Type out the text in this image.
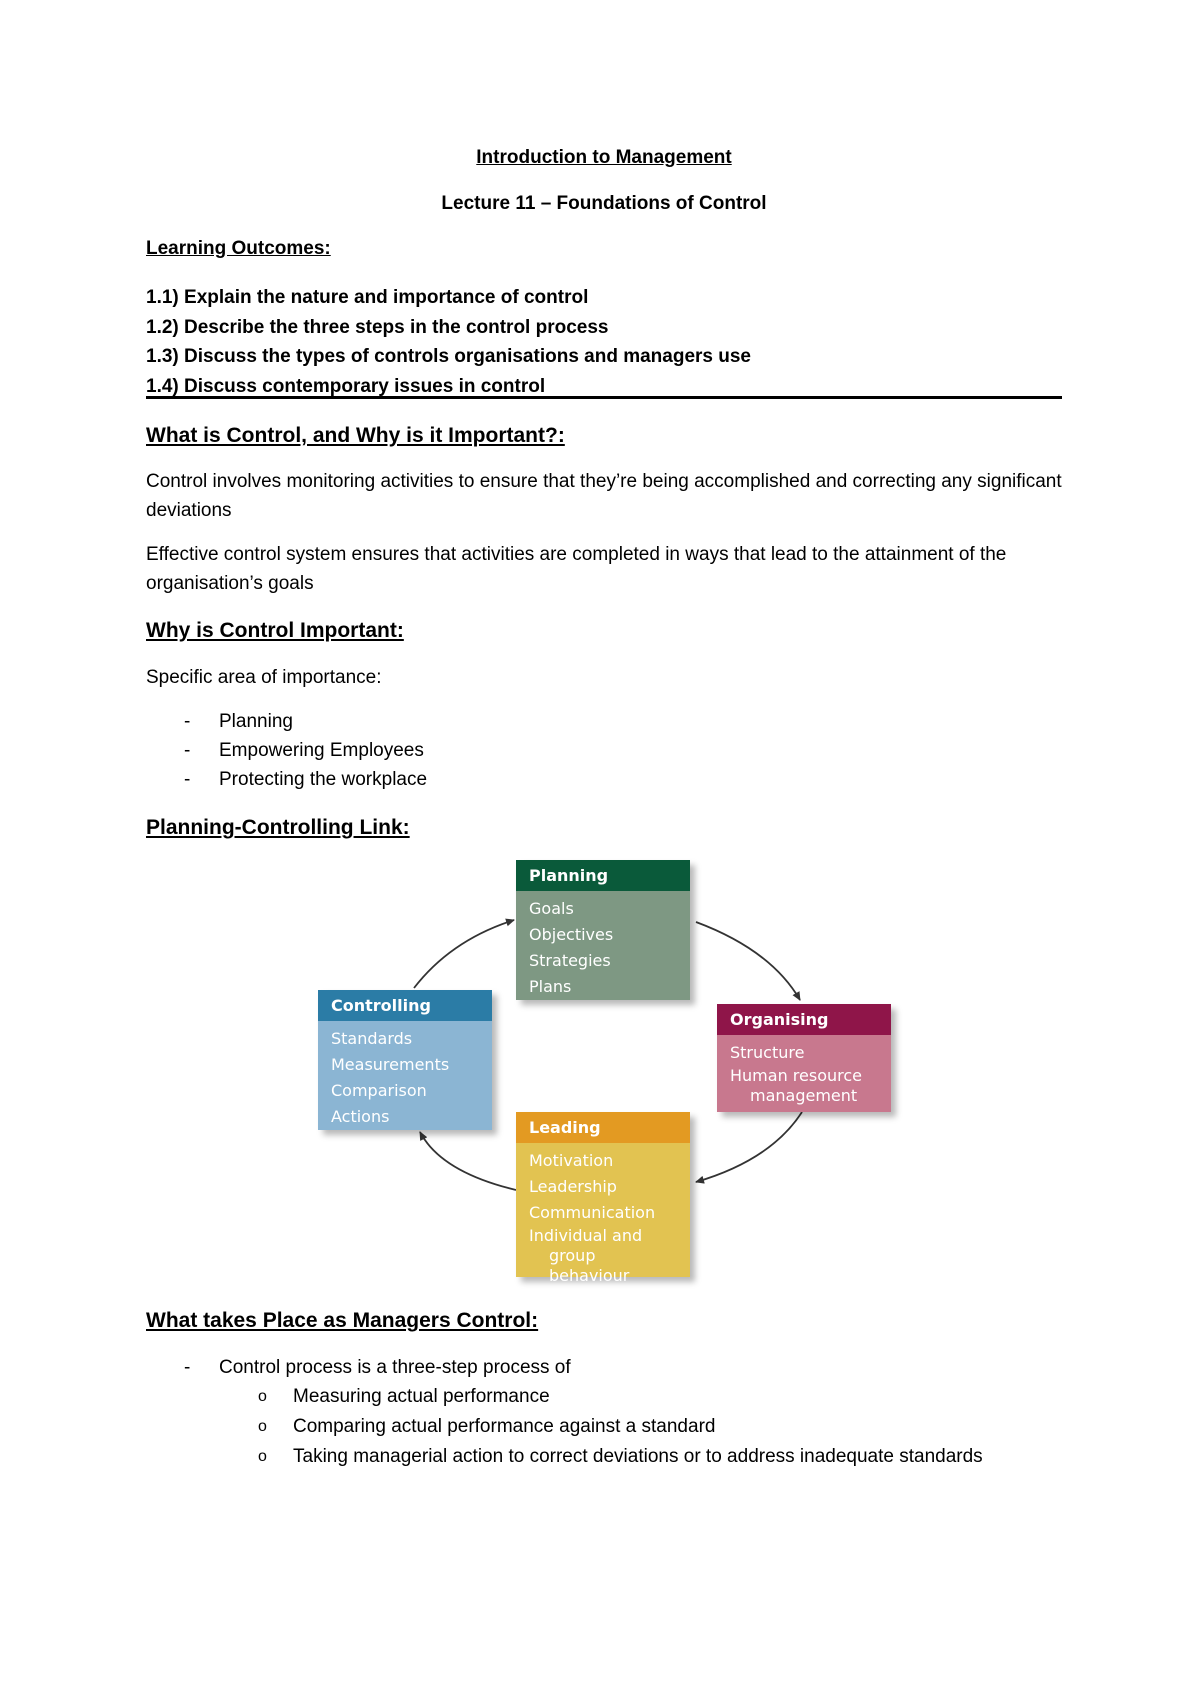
Introduction to Management
Lecture 11 – Foundations of Control
Learning Outcomes:
1.1) Explain the nature and importance of control
1.2) Describe the three steps in the control process
1.3) Discuss the types of controls organisations and managers use
1.4) Discuss contemporary issues in control
What is Control, and Why is it Important?:

Control involves monitoring activities to ensure that they’re being accomplished and correcting any significant deviations

Effective control system ensures that activities are completed in ways that lead to the attainment of the organisation’s goals

Why is Control Important:

Specific area of importance:

- Planning
- Empowering Employees
- Protecting the workplace
Planning-Controlling Link:
What takes Place as Managers Control:
- Control process is a three-step process of
o Measuring actual performance
o Comparing actual performance against a standard
o Taking managerial action to correct deviations or to address inadequate standards
Planning
Goals
Objectives
Strategies
Plans
Organising
Structure
Human resource
management
Controlling
Standards
Measurements
Comparison
Actions
Leading
Motivation
Leadership
Communication
Individual and
group behaviour
